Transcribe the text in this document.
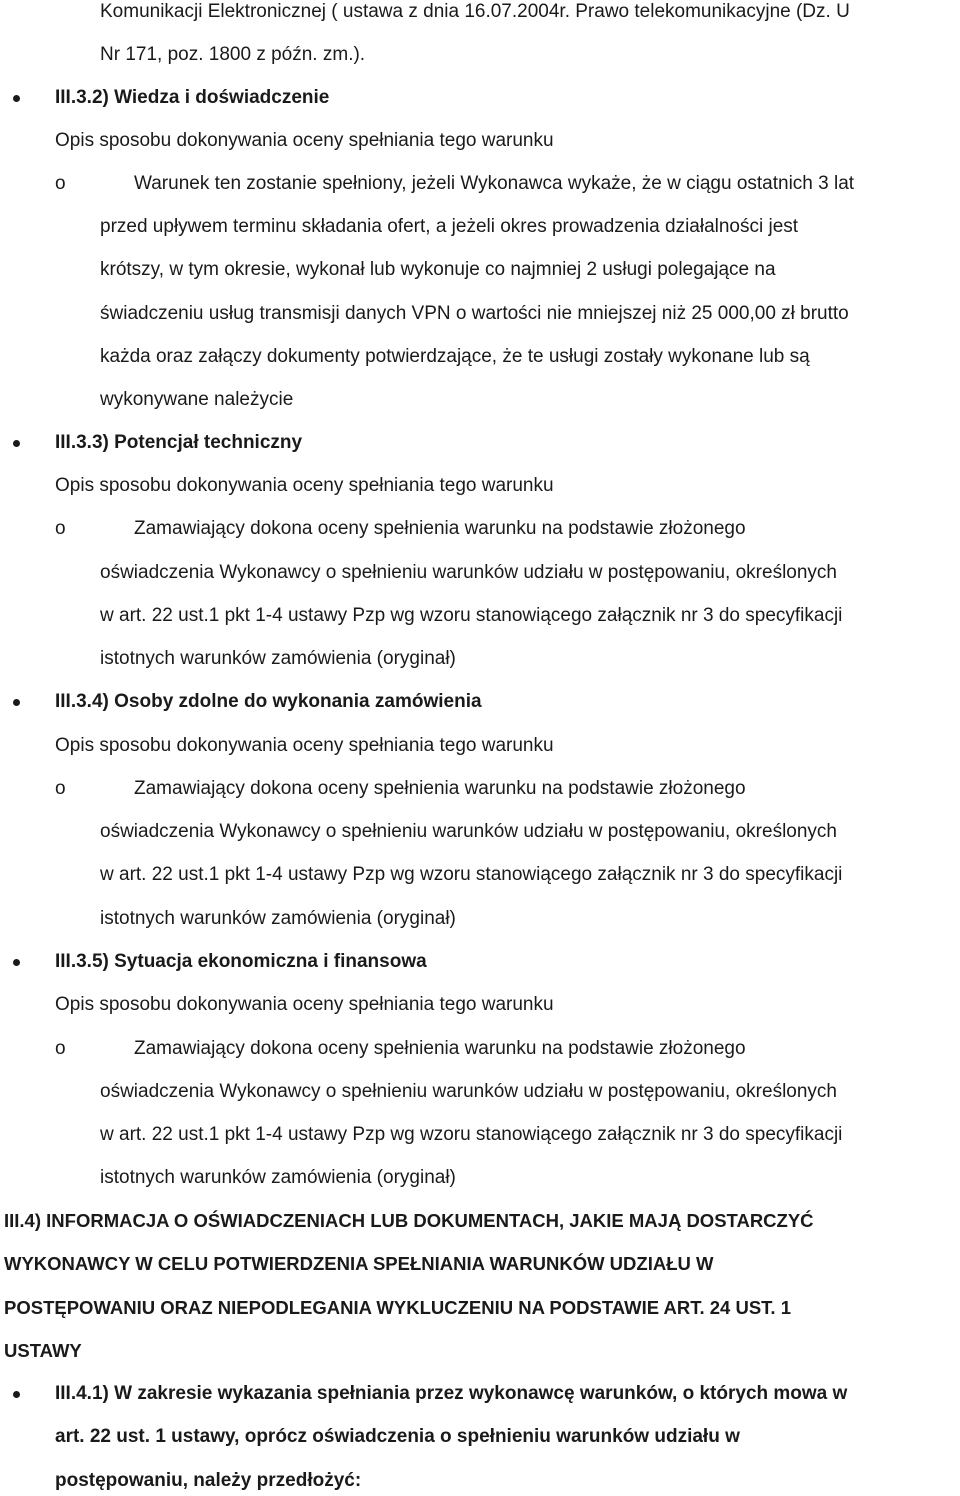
Komunikacji Elektronicznej ( ustawa z dnia 16.07.2004r. Prawo telekomunikacyjne (Dz. U
Nr 171, poz. 1800 z późn. zm.).
III.3.2) Wiedza i doświadczenie
Opis sposobu dokonywania oceny spełniania tego warunku
o	Warunek ten zostanie spełniony, jeżeli Wykonawca wykaże, że w ciągu ostatnich 3 lat
przed upływem terminu składania ofert, a jeżeli okres prowadzenia działalności jest
krótszy, w tym okresie, wykonał lub wykonuje co najmniej 2 usługi polegające na
świadczeniu usług transmisji danych VPN o wartości nie mniejszej niż 25 000,00 zł brutto
każda oraz załączy dokumenty potwierdzające, że te usługi zostały wykonane lub są
wykonywane należycie
III.3.3) Potencjał techniczny
Opis sposobu dokonywania oceny spełniania tego warunku
o	Zamawiający dokona oceny spełnienia warunku na podstawie złożonego
oświadczenia Wykonawcy o spełnieniu warunków udziału w postępowaniu, określonych
w art. 22 ust.1 pkt 1-4 ustawy Pzp wg wzoru stanowiącego załącznik nr 3 do specyfikacji
istotnych warunków zamówienia (oryginał)
III.3.4) Osoby zdolne do wykonania zamówienia
Opis sposobu dokonywania oceny spełniania tego warunku
o	Zamawiający dokona oceny spełnienia warunku na podstawie złożonego
oświadczenia Wykonawcy o spełnieniu warunków udziału w postępowaniu, określonych
w art. 22 ust.1 pkt 1-4 ustawy Pzp wg wzoru stanowiącego załącznik nr 3 do specyfikacji
istotnych warunków zamówienia (oryginał)
III.3.5) Sytuacja ekonomiczna i finansowa
Opis sposobu dokonywania oceny spełniania tego warunku
o	Zamawiający dokona oceny spełnienia warunku na podstawie złożonego
oświadczenia Wykonawcy o spełnieniu warunków udziału w postępowaniu, określonych
w art. 22 ust.1 pkt 1-4 ustawy Pzp wg wzoru stanowiącego załącznik nr 3 do specyfikacji
istotnych warunków zamówienia (oryginał)
III.4) INFORMACJA O OŚWIADCZENIACH LUB DOKUMENTACH, JAKIE MAJĄ DOSTARCZYĆ
WYKONAWCY W CELU POTWIERDZENIA SPEŁNIANIA WARUNKÓW UDZIAŁU W
POSTĘPOWANIU ORAZ NIEPODLEGANIA WYKLUCZENIU NA PODSTAWIE ART. 24 UST. 1
USTAWY
III.4.1) W zakresie wykazania spełniania przez wykonawcę warunków, o których mowa w
art. 22 ust. 1 ustawy, oprócz oświadczenia o spełnieniu warunków udziału w
postępowaniu, należy przedłożyć:
